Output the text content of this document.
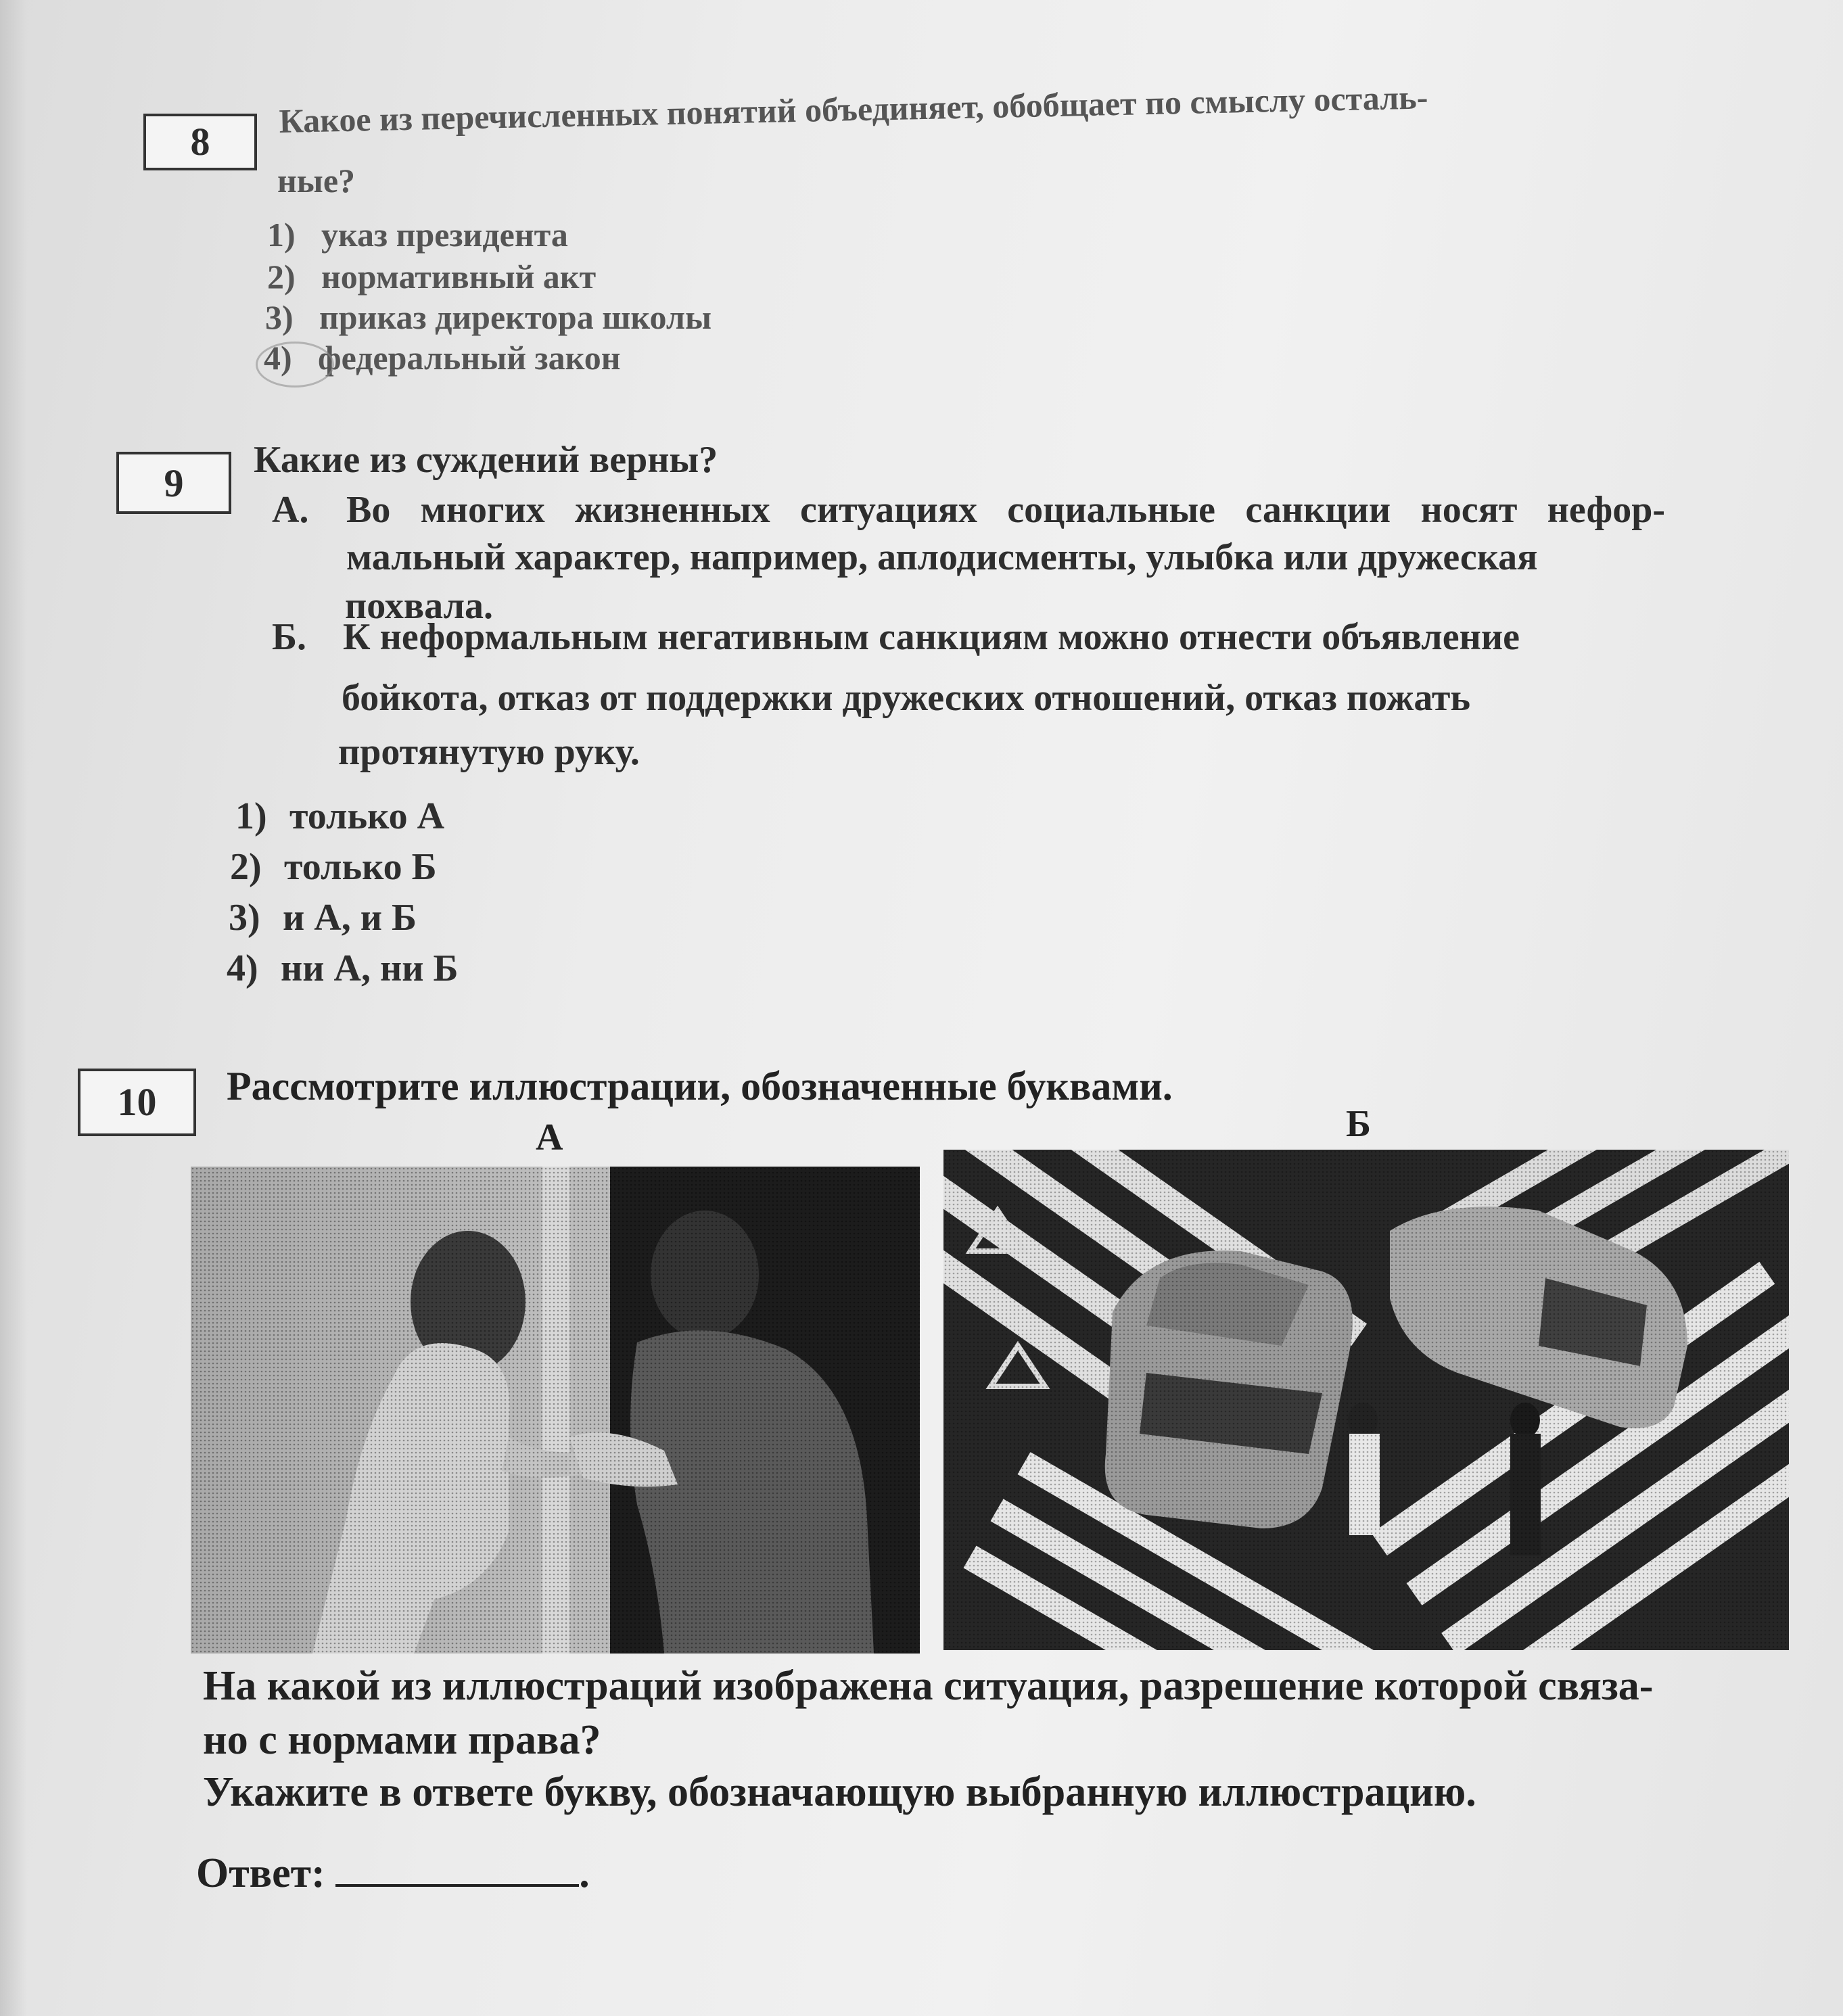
8
Какое из перечисленных понятий объединяет, обобщает по смыслу осталь-
ные?
1) указ президента
2) нормативный акт
3) приказ директора школы
4) федеральный закон
9
Какие из суждений верны?
А. Во многих жизненных ситуациях социальные санкции носят нефор-
мальный характер, например, аплодисменты, улыбка или дружеская
похвала.
Б. К неформальным негативным санкциям можно отнести объявление
бойкота, отказ от поддержки дружеских отношений, отказ пожать
протянутую руку.
1) только А
2) только Б
3) и А, и Б
4) ни А, ни Б
10	Рассмотрите иллюстрации, обозначенные буквами.
А	Б
На какой из иллюстраций изображена ситуация, разрешение которой связа-
но с нормами права?
Укажите в ответе букву, обозначающую выбранную иллюстрацию.
Ответ:	.
